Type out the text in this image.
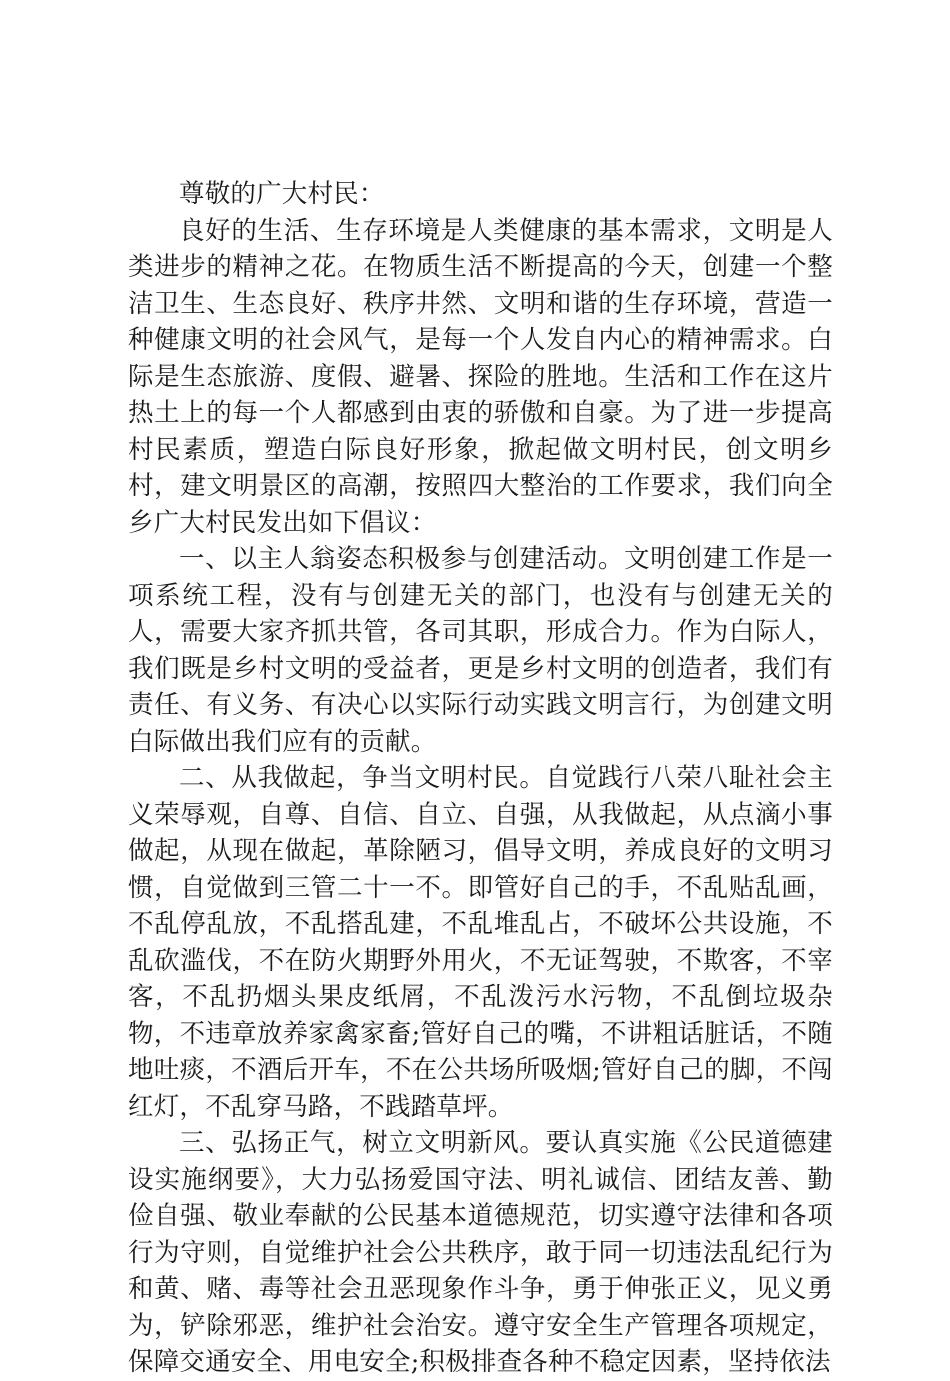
尊敬的广大村民：

良好的生活、生存环境是人类健康的基本需求，文明是人类进步的精神之花。在物质生活不断提高的今天，创建一个整洁卫生、生态良好、秩序井然、文明和谐的生存环境，营造一种健康文明的社会风气，是每一个人发自内心的精神需求。白际是生态旅游、度假、避暑、探险的胜地。生活和工作在这片热土上的每一个人都感到由衷的骄傲和自豪。为了进一步提高村民素质，塑造白际良好形象，掀起做文明村民，创文明乡村，建文明景区的高潮，按照四大整治的工作要求，我们向全乡广大村民发出如下倡议：

一、以主人翁姿态积极参与创建活动。文明创建工作是一项系统工程，没有与创建无关的部门，也没有与创建无关的人，需要大家齐抓共管，各司其职，形成合力。作为白际人，我们既是乡村文明的受益者，更是乡村文明的创造者，我们有责任、有义务、有决心以实际行动实践文明言行，为创建文明白际做出我们应有的贡献。

二、从我做起，争当文明村民。自觉践行八荣八耻社会主义荣辱观，自尊、自信、自立、自强，从我做起，从点滴小事做起，从现在做起，革除陋习，倡导文明，养成良好的文明习惯，自觉做到三管二十一不。即管好自己的手，不乱贴乱画，不乱停乱放，不乱搭乱建，不乱堆乱占，不破坏公共设施，不乱砍滥伐，不在防火期野外用火，不无证驾驶，不欺客，不宰客，不乱扔烟头果皮纸屑，不乱泼污水污物，不乱倒垃圾杂物，不违章放养家禽家畜;管好自己的嘴，不讲粗话脏话，不随地吐痰，不酒后开车，不在公共场所吸烟;管好自己的脚，不闯红灯，不乱穿马路，不践踏草坪。

三、弘扬正气，树立文明新风。要认真实施《公民道德建设实施纲要》，大力弘扬爱国守法、明礼诚信、团结友善、勤俭自强、敬业奉献的公民基本道德规范，切实遵守法律和各项行为守则，自觉维护社会公共秩序，敢于同一切违法乱纪行为和黄、赌、毒等社会丑恶现象作斗争，勇于伸张正义，见义勇为，铲除邪恶，维护社会治安。遵守安全生产管理各项规定，保障交通安全、用电安全;积极排查各种不稳定因素，坚持依法
